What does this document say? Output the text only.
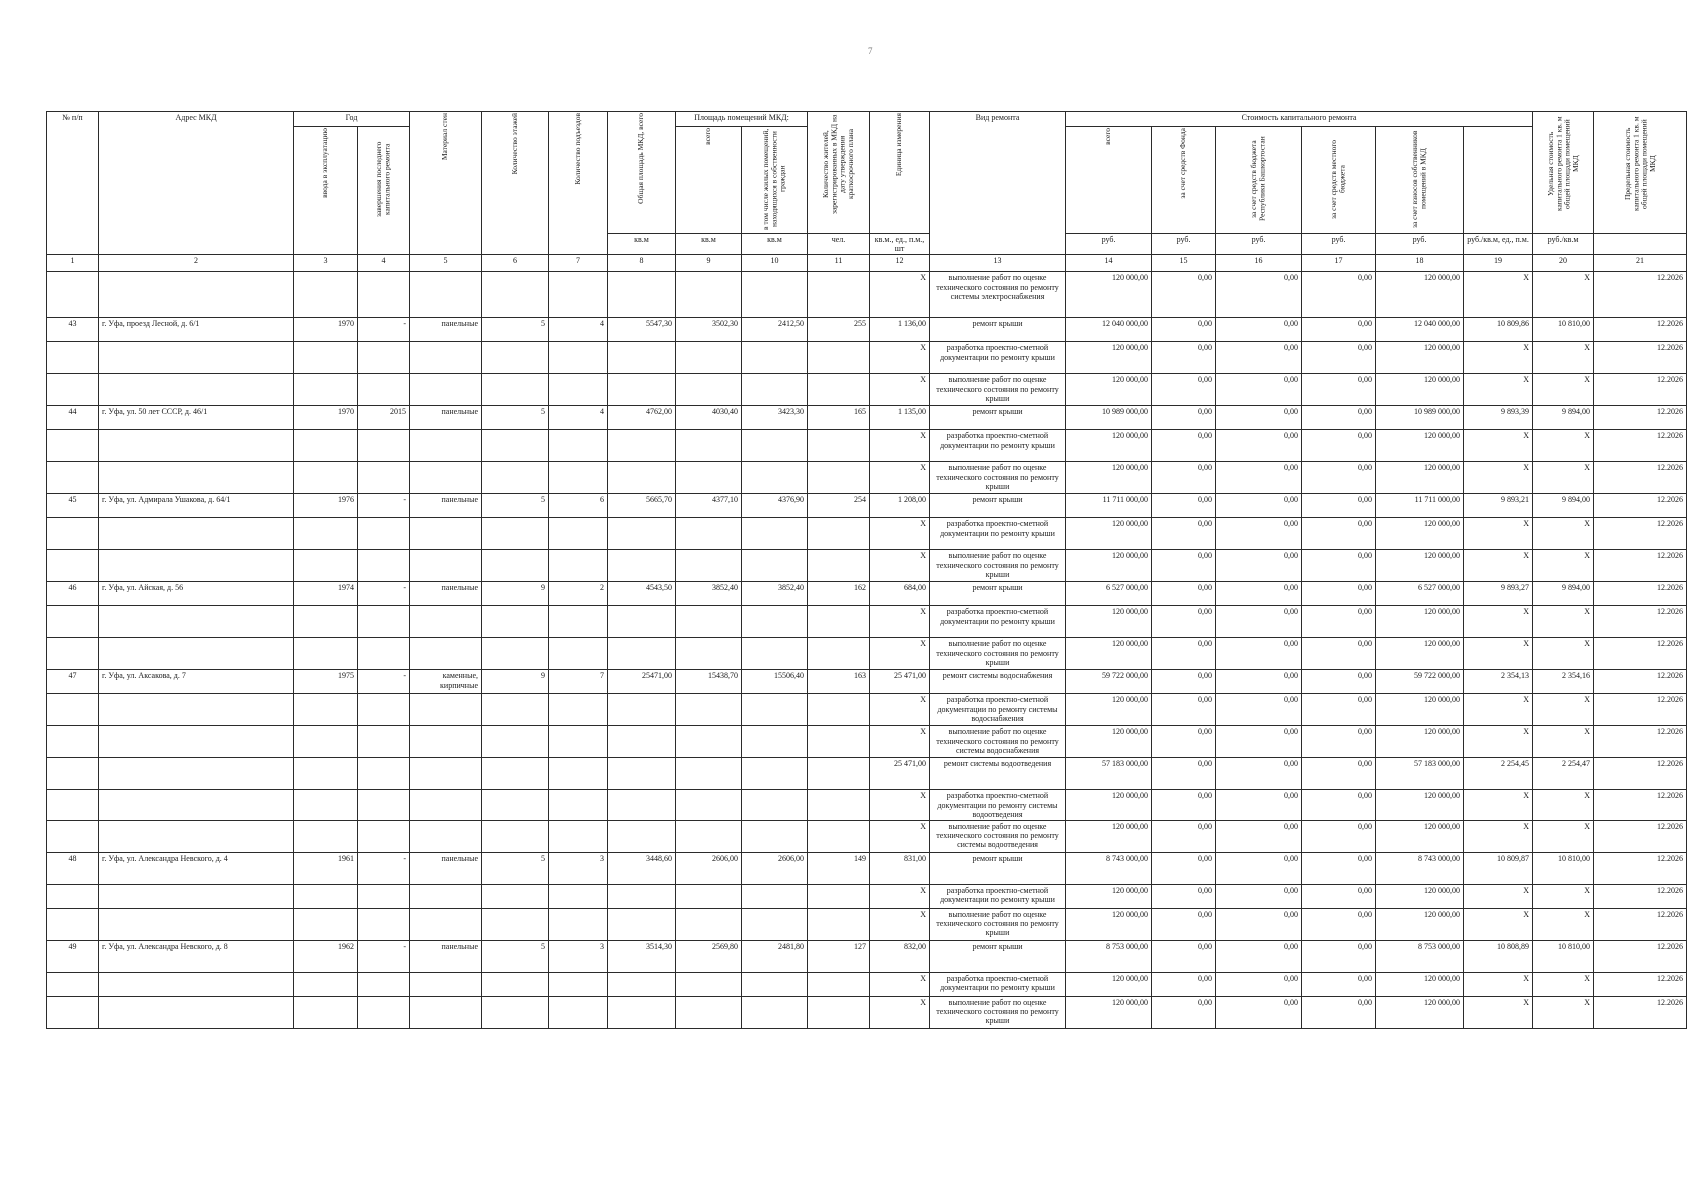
7
№ п/п	Адрес МКД	Год		Материал стен	Количество этажей	Количество подъездов	Общая площадь МКД, всего	Площадь помещений МКД:		Количество жителей, зарегистрированных в МКД на дату утверждения краткосрочного плана	Единица измерения	Вид ремонта	Стоимость капитального ремонта						Удельная стоимость капитального ремонта 1 кв. м общей площади помещений МКД	Предельная стоимость капитального ремонта 1 кв. м общей площади помещений МКД

		ввода в эксплуатацию	завершения последнего капитального ремонта					всего	в том числе жилых помещений, находящихся в собственности граждан				всего	за счет средств Фонда	за счет средств бюджета Республики Башкортостан	за счет средств местного бюджета	за счет взносов собственников помещений в МКД				

							кв.м	кв.м	кв.м	чел.	кв.м., ед., п.м., шт		руб.	руб.	руб.	руб.	руб.	руб./кв.м, ед., п.м.	руб./кв.м		
1	2	3	4	5	6	7	8	9	10	11	12	13	14	15	16	17	18	19	20	21	
											X	выполнение работ по оценке технического состояния по ремонту системы электроснабжения	120 000,00	0,00	0,00	0,00	120 000,00	X	X	12.2026	
43	г. Уфа, проезд Лесной, д. 6/1	1970	-	панельные	5	4	5547,30	3502,30	2412,50	255	1 136,00	ремонт крыши	12 040 000,00	0,00	0,00	0,00	12 040 000,00	10 809,86	10 810,00	12.2026	
											X	разработка проектно-сметной документации по ремонту крыши	120 000,00	0,00	0,00	0,00	120 000,00	X	X	12.2026	
											X	выполнение работ по оценке технического состояния по ремонту крыши	120 000,00	0,00	0,00	0,00	120 000,00	X	X	12.2026	
44	г. Уфа, ул. 50 лет СССР, д. 46/1	1970	2015	панельные	5	4	4762,00	4030,40	3423,30	165	1 135,00	ремонт крыши	10 989 000,00	0,00	0,00	0,00	10 989 000,00	9 893,39	9 894,00	12.2026	
											X	разработка проектно-сметной документации по ремонту крыши	120 000,00	0,00	0,00	0,00	120 000,00	X	X	12.2026	
											X	выполнение работ по оценке технического состояния по ремонту крыши	120 000,00	0,00	0,00	0,00	120 000,00	X	X	12.2026	
45	г. Уфа, ул. Адмирала Ушакова, д. 64/1	1976	-	панельные	5	6	5665,70	4377,10	4376,90	254	1 208,00	ремонт крыши	11 711 000,00	0,00	0,00	0,00	11 711 000,00	9 893,21	9 894,00	12.2026	
											X	разработка проектно-сметной документации по ремонту крыши	120 000,00	0,00	0,00	0,00	120 000,00	X	X	12.2026	
											X	выполнение работ по оценке технического состояния по ремонту крыши	120 000,00	0,00	0,00	0,00	120 000,00	X	X	12.2026	
46	г. Уфа, ул. Айская, д. 56	1974	-	панельные	9	2	4543,50	3852,40	3852,40	162	684,00	ремонт крыши	6 527 000,00	0,00	0,00	0,00	6 527 000,00	9 893,27	9 894,00	12.2026	
											X	разработка проектно-сметной документации по ремонту крыши	120 000,00	0,00	0,00	0,00	120 000,00	X	X	12.2026	
											X	выполнение работ по оценке технического состояния по ремонту крыши	120 000,00	0,00	0,00	0,00	120 000,00	X	X	12.2026	
47	г. Уфа, ул. Аксакова, д. 7	1975	-	каменные, кирпичные	9	7	25471,00	15438,70	15506,40	163	25 471,00	ремонт системы водоснабжения	59 722 000,00	0,00	0,00	0,00	59 722 000,00	2 354,13	2 354,16	12.2026	
											X	разработка проектно-сметной документации по ремонту системы водоснабжения	120 000,00	0,00	0,00	0,00	120 000,00	X	X	12.2026	
											X	выполнение работ по оценке технического состояния по ремонту системы водоснабжения	120 000,00	0,00	0,00	0,00	120 000,00	X	X	12.2026	
											25 471,00	ремонт системы водоотведения	57 183 000,00	0,00	0,00	0,00	57 183 000,00	2 254,45	2 254,47	12.2026	
											X	разработка проектно-сметной документации по ремонту системы водоотведения	120 000,00	0,00	0,00	0,00	120 000,00	X	X	12.2026	
											X	выполнение работ по оценке технического состояния по ремонту системы водоотведения	120 000,00	0,00	0,00	0,00	120 000,00	X	X	12.2026	
48	г. Уфа, ул. Александра Невского, д. 4	1961	-	панельные	5	3	3448,60	2606,00	2606,00	149	831,00	ремонт крыши	8 743 000,00	0,00	0,00	0,00	8 743 000,00	10 809,87	10 810,00	12.2026	
											X	разработка проектно-сметной документации по ремонту крыши	120 000,00	0,00	0,00	0,00	120 000,00	X	X	12.2026	
											X	выполнение работ по оценке технического состояния по ремонту крыши	120 000,00	0,00	0,00	0,00	120 000,00	X	X	12.2026	
49	г. Уфа, ул. Александра Невского, д. 8	1962	-	панельные	5	3	3514,30	2569,80	2481,80	127	832,00	ремонт крыши	8 753 000,00	0,00	0,00	0,00	8 753 000,00	10 808,89	10 810,00	12.2026	
											X	разработка проектно-сметной документации по ремонту крыши	120 000,00	0,00	0,00	0,00	120 000,00	X	X	12.2026	
											X	выполнение работ по оценке технического состояния по ремонту крыши	120 000,00	0,00	0,00	0,00	120 000,00	X	X	12.2026	
